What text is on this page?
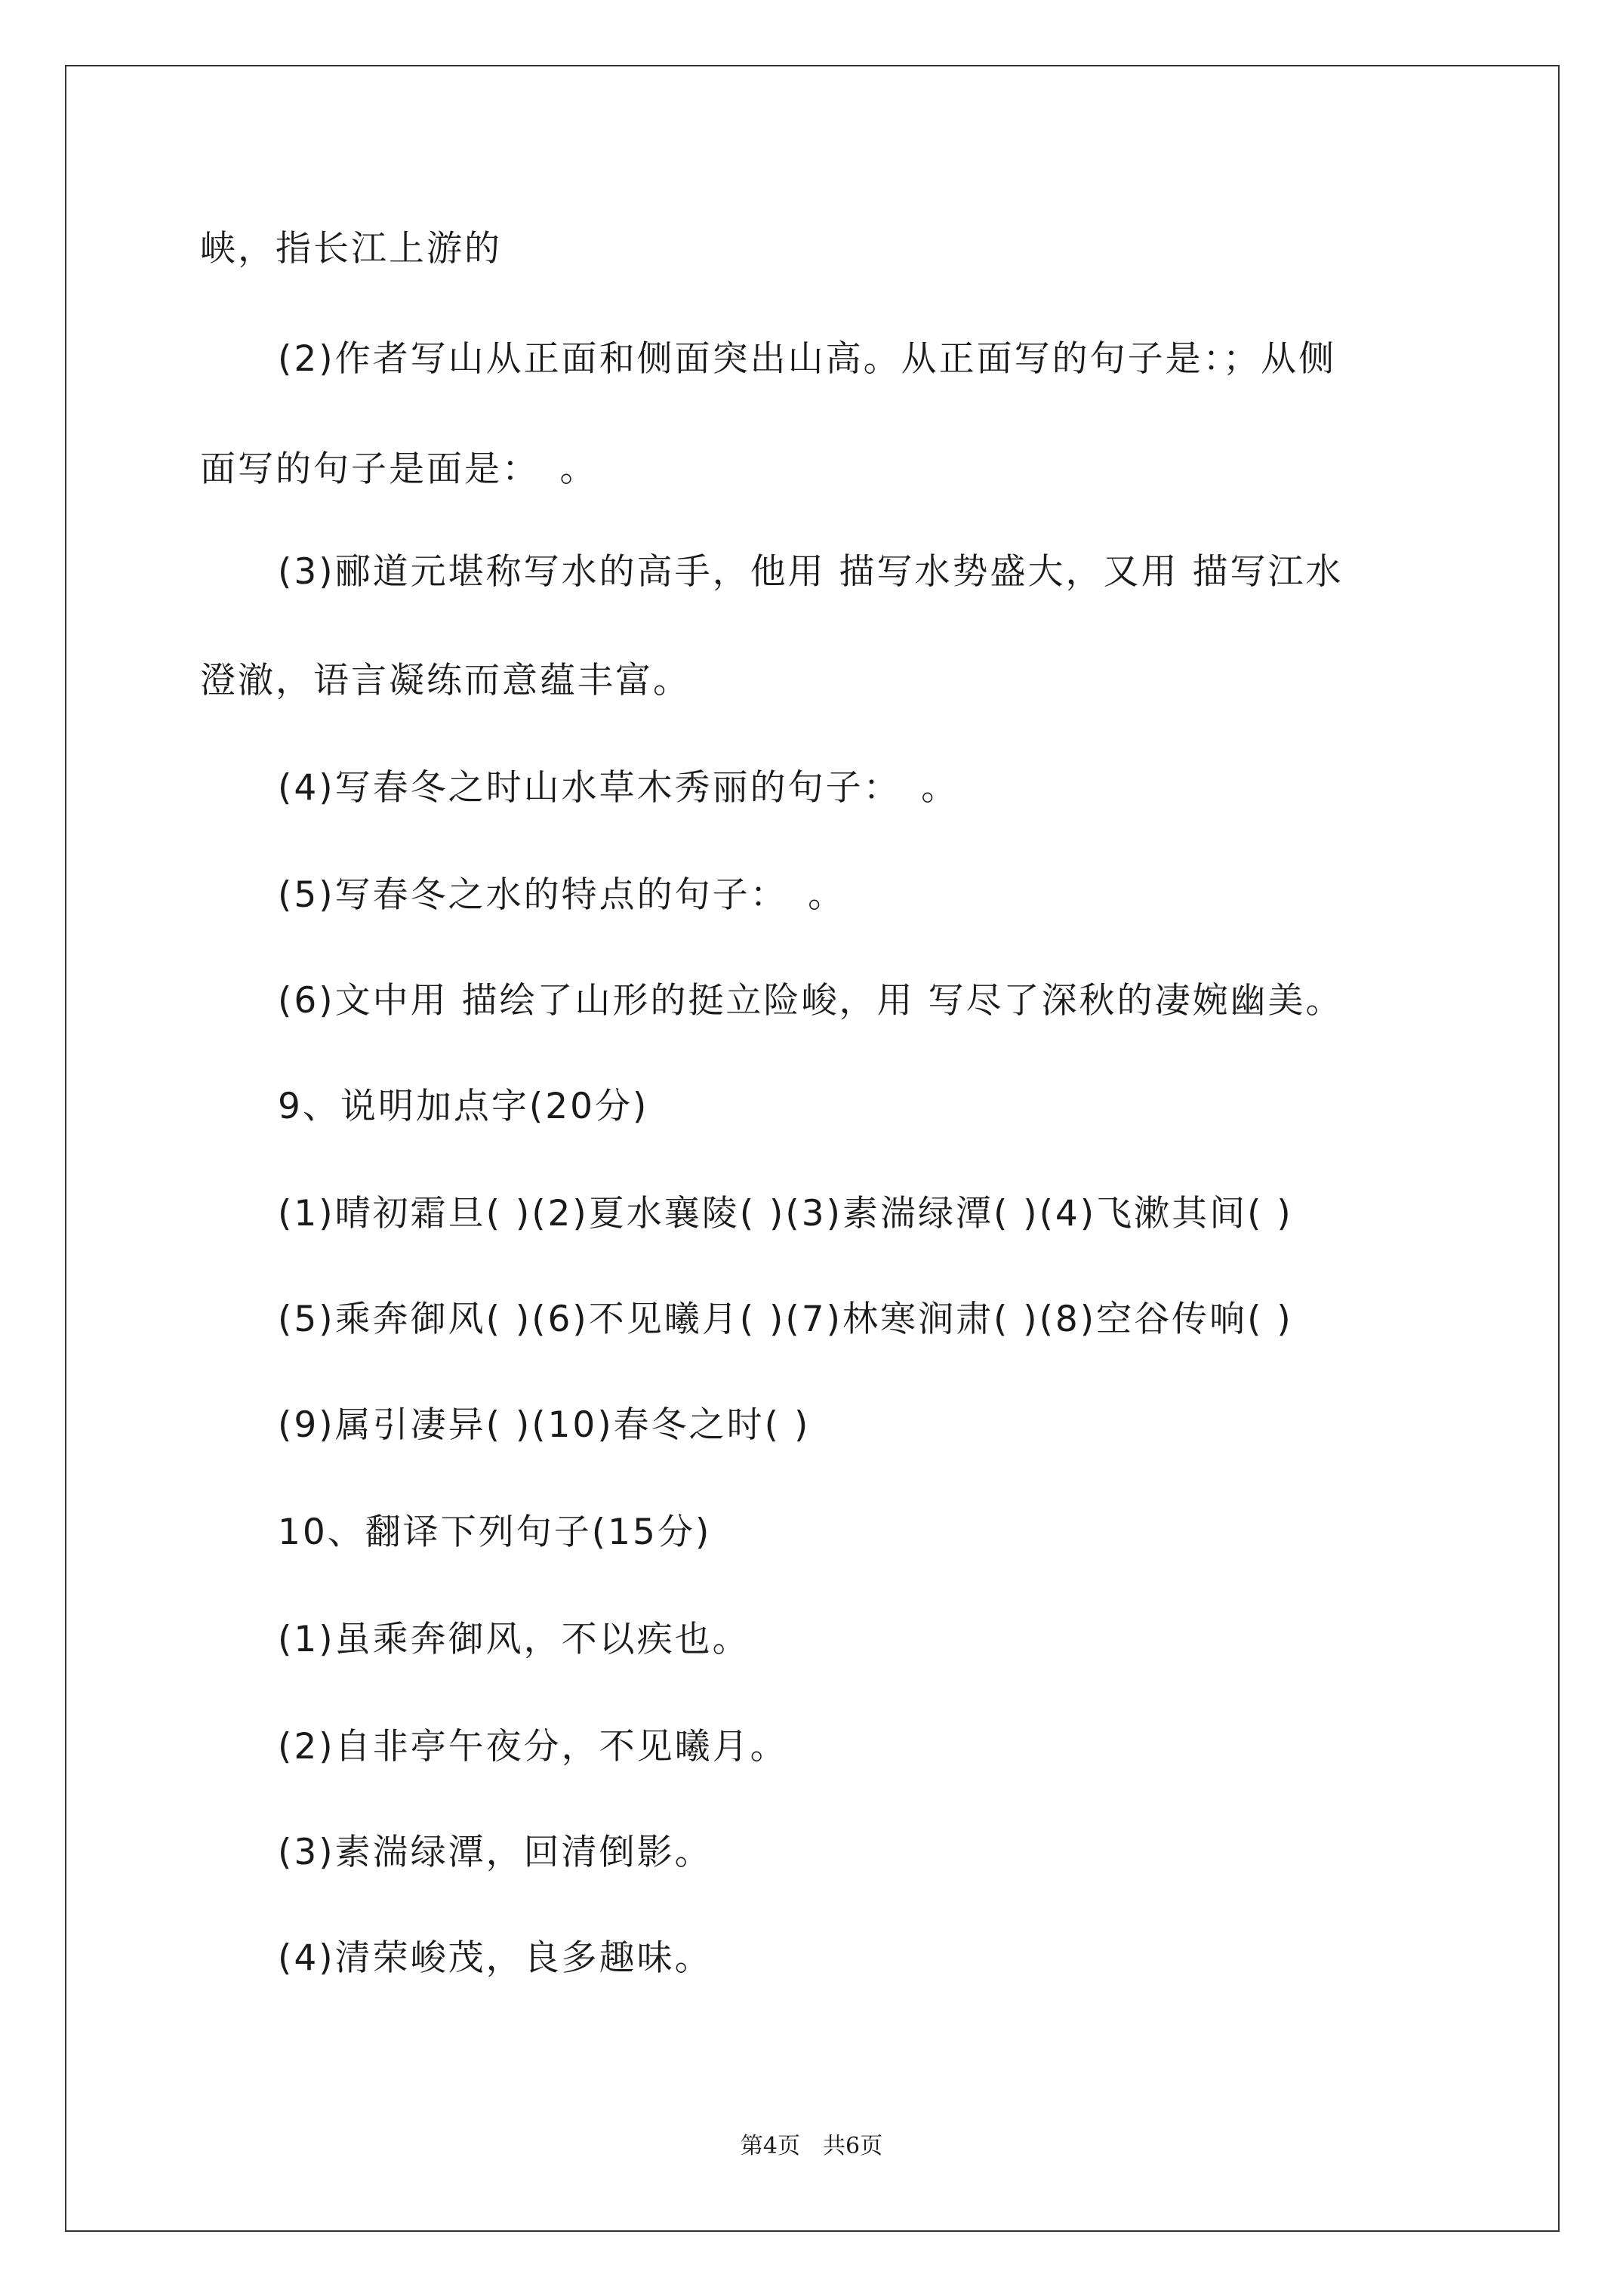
峡，指长江上游的
(2)作者写山从正面和侧面突出山高。从正面写的句子是：；从侧
面写的句子是面是：　。
(3)郦道元堪称写水的高手，他用 描写水势盛大，又用 描写江水
澄澈，语言凝练而意蕴丰富。
(4)写春冬之时山水草木秀丽的句子：　。
(5)写春冬之水的特点的句子：　。
(6)文中用 描绘了山形的挺立险峻，用 写尽了深秋的凄婉幽美。
9、说明加点字(20分)
(1)晴初霜旦( )(2)夏水襄陵( )(3)素湍绿潭( )(4)飞漱其间( )
(5)乘奔御风( )(6)不见曦月( )(7)林寒涧肃( )(8)空谷传响( )
(9)属引凄异( )(10)春冬之时( )
10、翻译下列句子(15分)
(1)虽乘奔御风，不以疾也。
(2)自非亭午夜分，不见曦月。
(3)素湍绿潭，回清倒影。
(4)清荣峻茂，良多趣味。
第4页　共6页
